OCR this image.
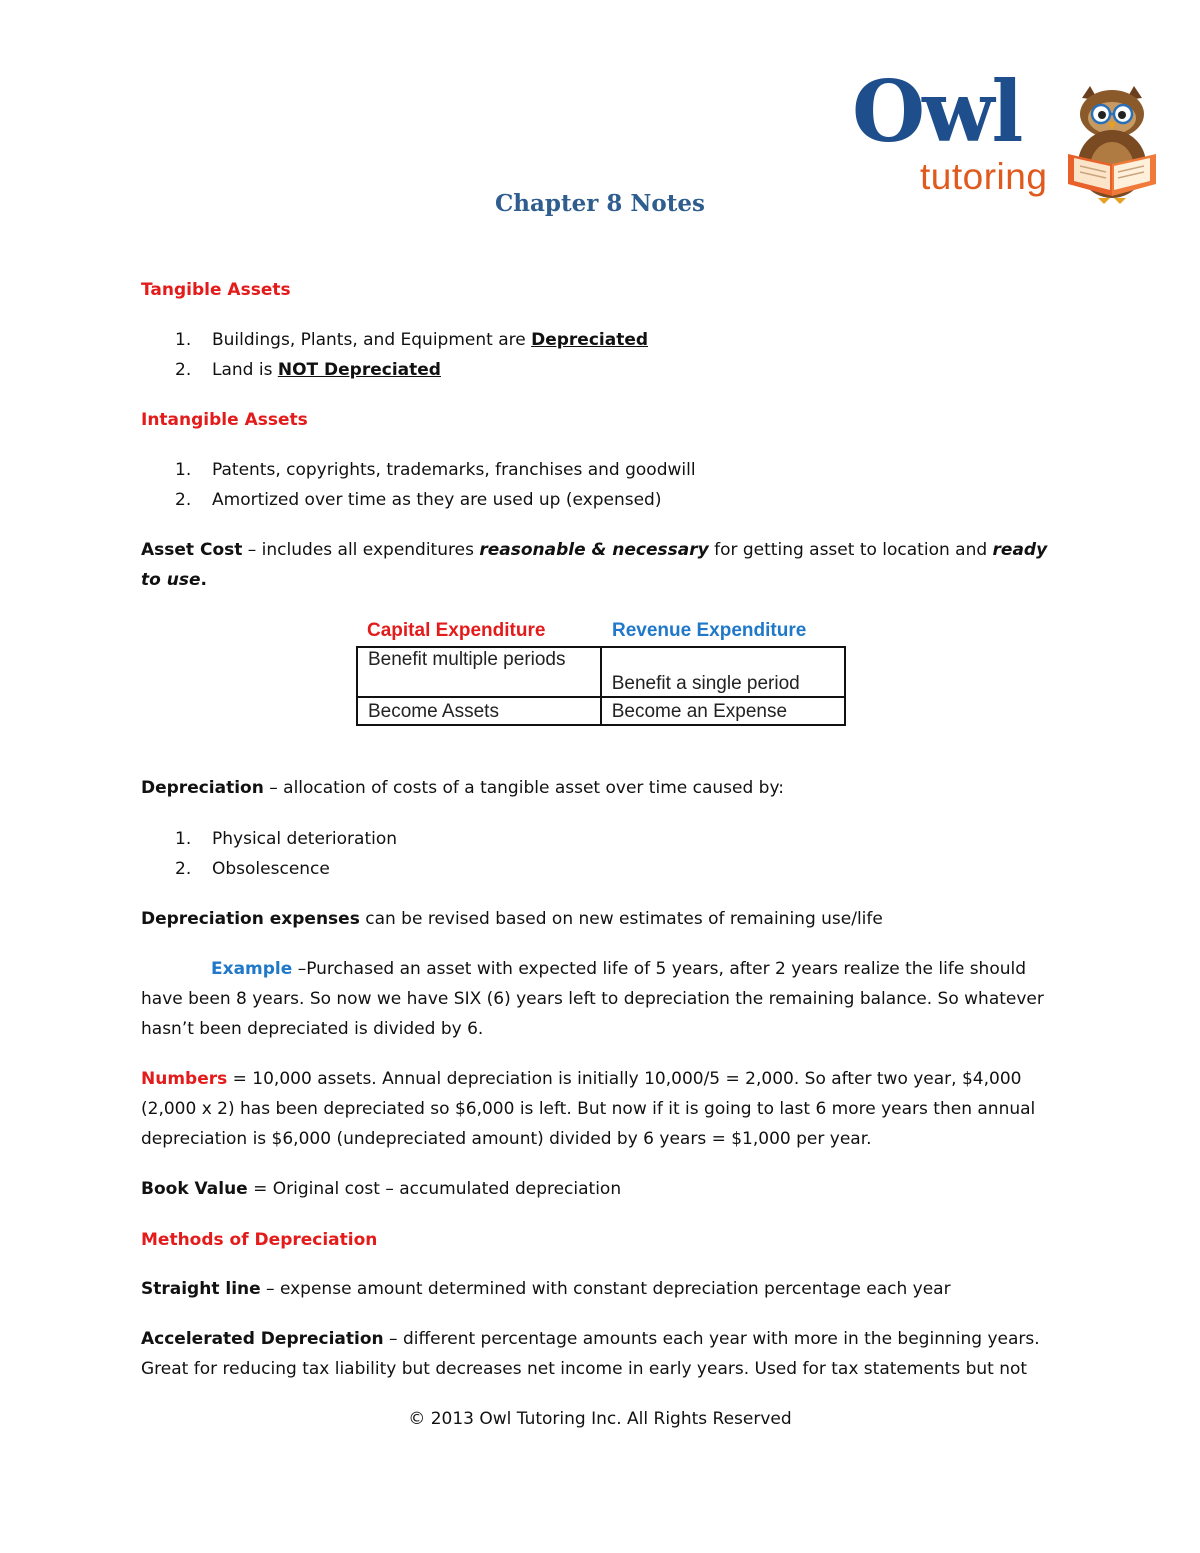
Owl
tutoring
Chapter 8 Notes
Tangible Assets
1. Buildings, Plants, and Equipment are Depreciated
2. Land is NOT Depreciated
Intangible Assets
1. Patents, copyrights, trademarks, franchises and goodwill
2. Amortized over time as they are used up (expensed)
Asset Cost – includes all expenditures reasonable & necessary for getting asset to location and ready to use.
Capital Expenditure	Revenue Expenditure
Benefit multiple periods	Benefit a single period
Become Assets	Become an Expense
Depreciation – allocation of costs of a tangible asset over time caused by:
1. Physical deterioration
2. Obsolescence
Depreciation expenses can be revised based on new estimates of remaining use/life
Example –Purchased an asset with expected life of 5 years, after 2 years realize the life should have been 8 years. So now we have SIX (6) years left to depreciation the remaining balance. So whatever hasn’t been depreciated is divided by 6.
Numbers = 10,000 assets. Annual depreciation is initially 10,000/5 = 2,000. So after two year, $4,000 (2,000 x 2) has been depreciated so $6,000 is left. But now if it is going to last 6 more years then annual depreciation is $6,000 (undepreciated amount) divided by 6 years = $1,000 per year.
Book Value = Original cost – accumulated depreciation
Methods of Depreciation
Straight line – expense amount determined with constant depreciation percentage each year
Accelerated Depreciation – different percentage amounts each year with more in the beginning years. Great for reducing tax liability but decreases net income in early years. Used for tax statements but not
© 2013 Owl Tutoring Inc. All Rights Reserved
